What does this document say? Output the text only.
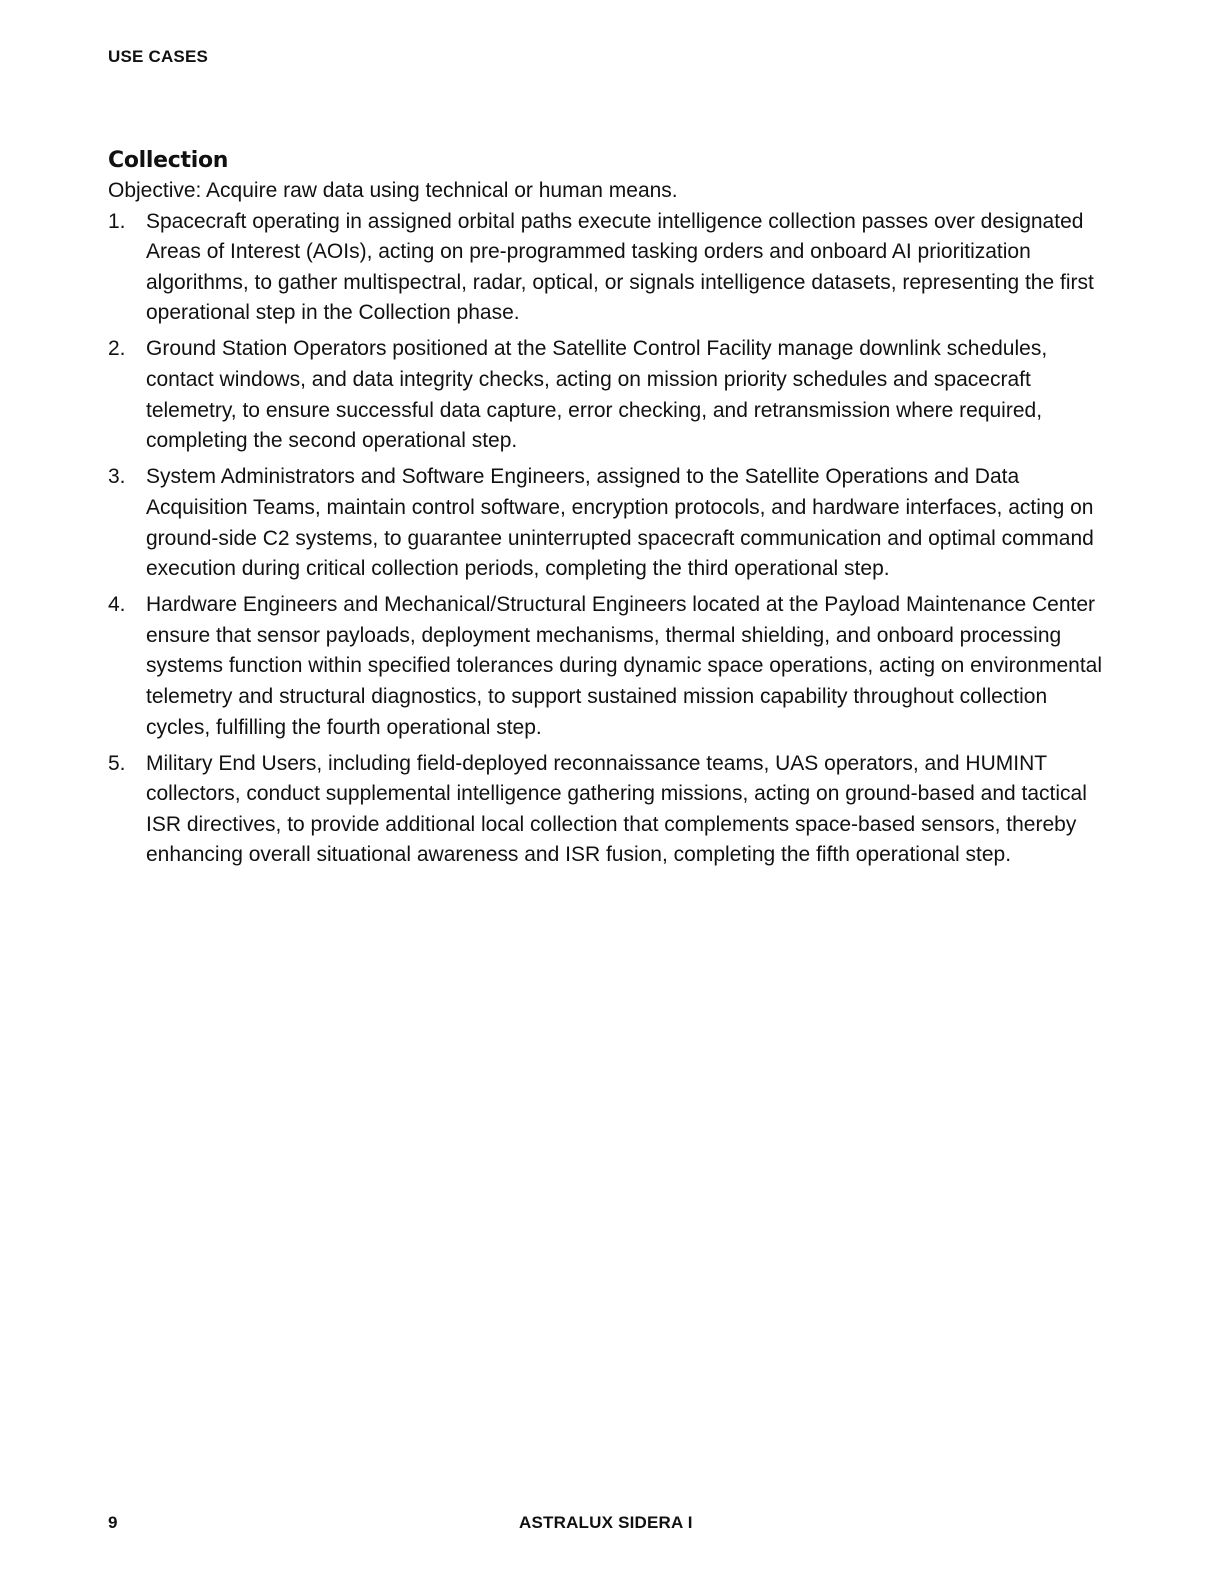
USE CASES
Collection

Objective: Acquire raw data using technical or human means.

1. Spacecraft operating in assigned orbital paths execute intelligence collection passes over designated Areas of Interest (AOIs), acting on pre-programmed tasking orders and onboard AI prioritization algorithms, to gather multispectral, radar, optical, or signals intelligence datasets, representing the first operational step in the Collection phase.
2. Ground Station Operators positioned at the Satellite Control Facility manage downlink schedules, contact windows, and data integrity checks, acting on mission priority schedules and spacecraft telemetry, to ensure successful data capture, error checking, and retransmission where required, completing the second operational step.
3. System Administrators and Software Engineers, assigned to the Satellite Operations and Data Acquisition Teams, maintain control software, encryption protocols, and hardware interfaces, acting on ground-side C2 systems, to guarantee uninterrupted spacecraft communication and optimal command execution during critical collection periods, completing the third operational step.
4. Hardware Engineers and Mechanical/Structural Engineers located at the Payload Maintenance Center ensure that sensor payloads, deployment mechanisms, thermal shielding, and onboard processing systems function within specified tolerances during dynamic space operations, acting on environmental telemetry and structural diagnostics, to support sustained mission capability throughout collection cycles, fulfilling the fourth operational step.
5. Military End Users, including field-deployed reconnaissance teams, UAS operators, and HUMINT collectors, conduct supplemental intelligence gathering missions, acting on ground-based and tactical ISR directives, to provide additional local collection that complements space-based sensors, thereby enhancing overall situational awareness and ISR fusion, completing the fifth operational step.
9	ASTRALUX SIDERA I
